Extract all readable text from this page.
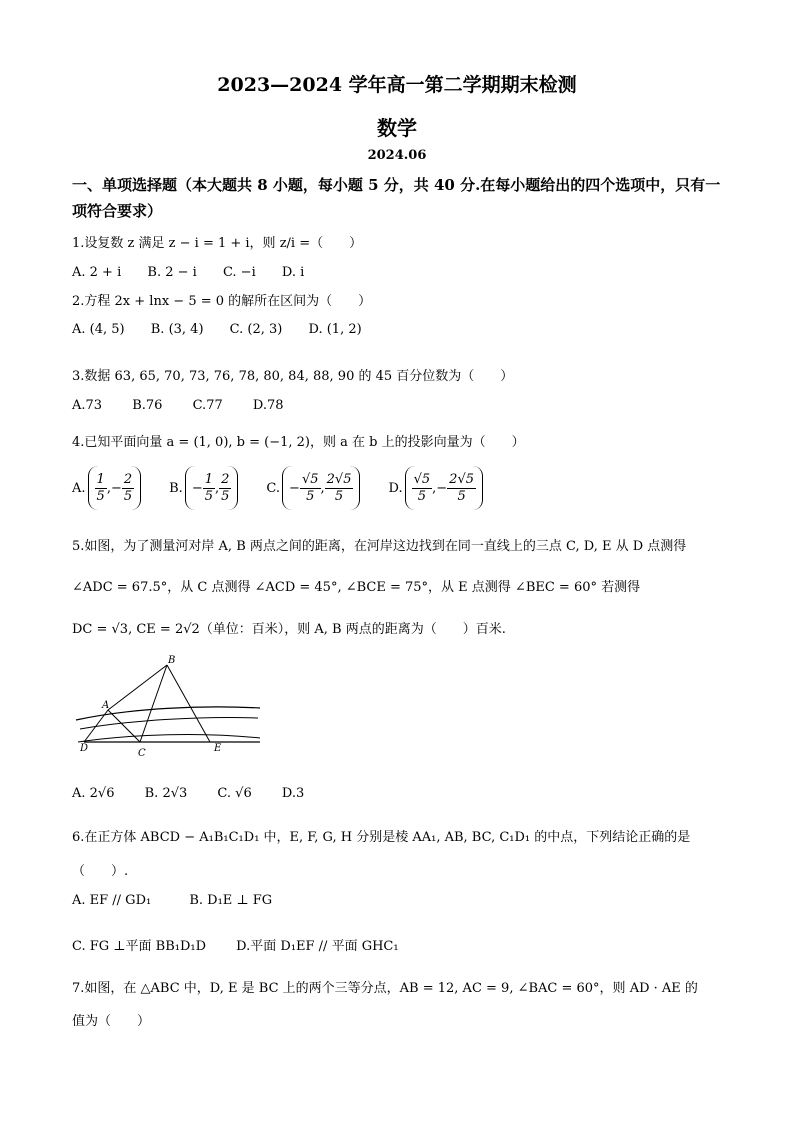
2023—2024 学年高一第二学期期末检测
数学
2024.06
一、单项选择题（本大题共 8 小题，每小题 5 分，共 40 分.在每小题给出的四个选项中，只有一项符合要求）
1.设复数 z 满足 z − i = 1 + i，则 z/i =（　　）
A. 2 + i B. 2 − i C. −i D. i
2.方程 2x + lnx − 5 = 0 的解所在区间为（　　）
A. (4, 5) B. (3, 4) C. (2, 3) D. (1, 2)
3.数据 63, 65, 70, 73, 76, 78, 80, 84, 88, 90 的 45 百分位数为（　　）
A.73 B.76 C.77 D.78
4.已知平面向量 a = (1, 0), b = (−1, 2)，则 a 在 b 上的投影向量为（　　）
A. $\frac{1}{5}$ ,− $\frac{2}{5}$	B. − $\frac{1}{5}$ , $\frac{2}{5}$	C. − $\frac{√5}{5}$ , $\frac{2√5}{5}$	D. $\frac{√5}{5}$ ,− $\frac{2√5}{5}$
5.如图，为了测量河对岸 A, B 两点之间的距离，在河岸这边找到在同一直线上的三点 C, D, E 从 D 点测得
∠ADC = 67.5°，从 C 点测得 ∠ACD = 45°, ∠BCE = 75°，从 E 点测得 ∠BEC = 60° 若测得
DC = √3, CE = 2√2（单位：百米），则 A, B 两点的距离为（　　）百米.
A
B
C
D	E
A. 2√6 B. 2√3 C. √6 D.3
6.在正方体 ABCD − A₁B₁C₁D₁ 中，E, F, G, H 分别是棱 AA₁, AB, BC, C₁D₁ 的中点，下列结论正确的是
（　　）.
A. EF // GD₁	B. D₁E ⊥ FG
C. FG ⊥平面 BB₁D₁D D.平面 D₁EF // 平面 GHC₁
7.如图，在 △ABC 中，D, E 是 BC 上的两个三等分点，AB = 12, AC = 9, ∠BAC = 60°，则 AD · AE 的
值为（　　）
